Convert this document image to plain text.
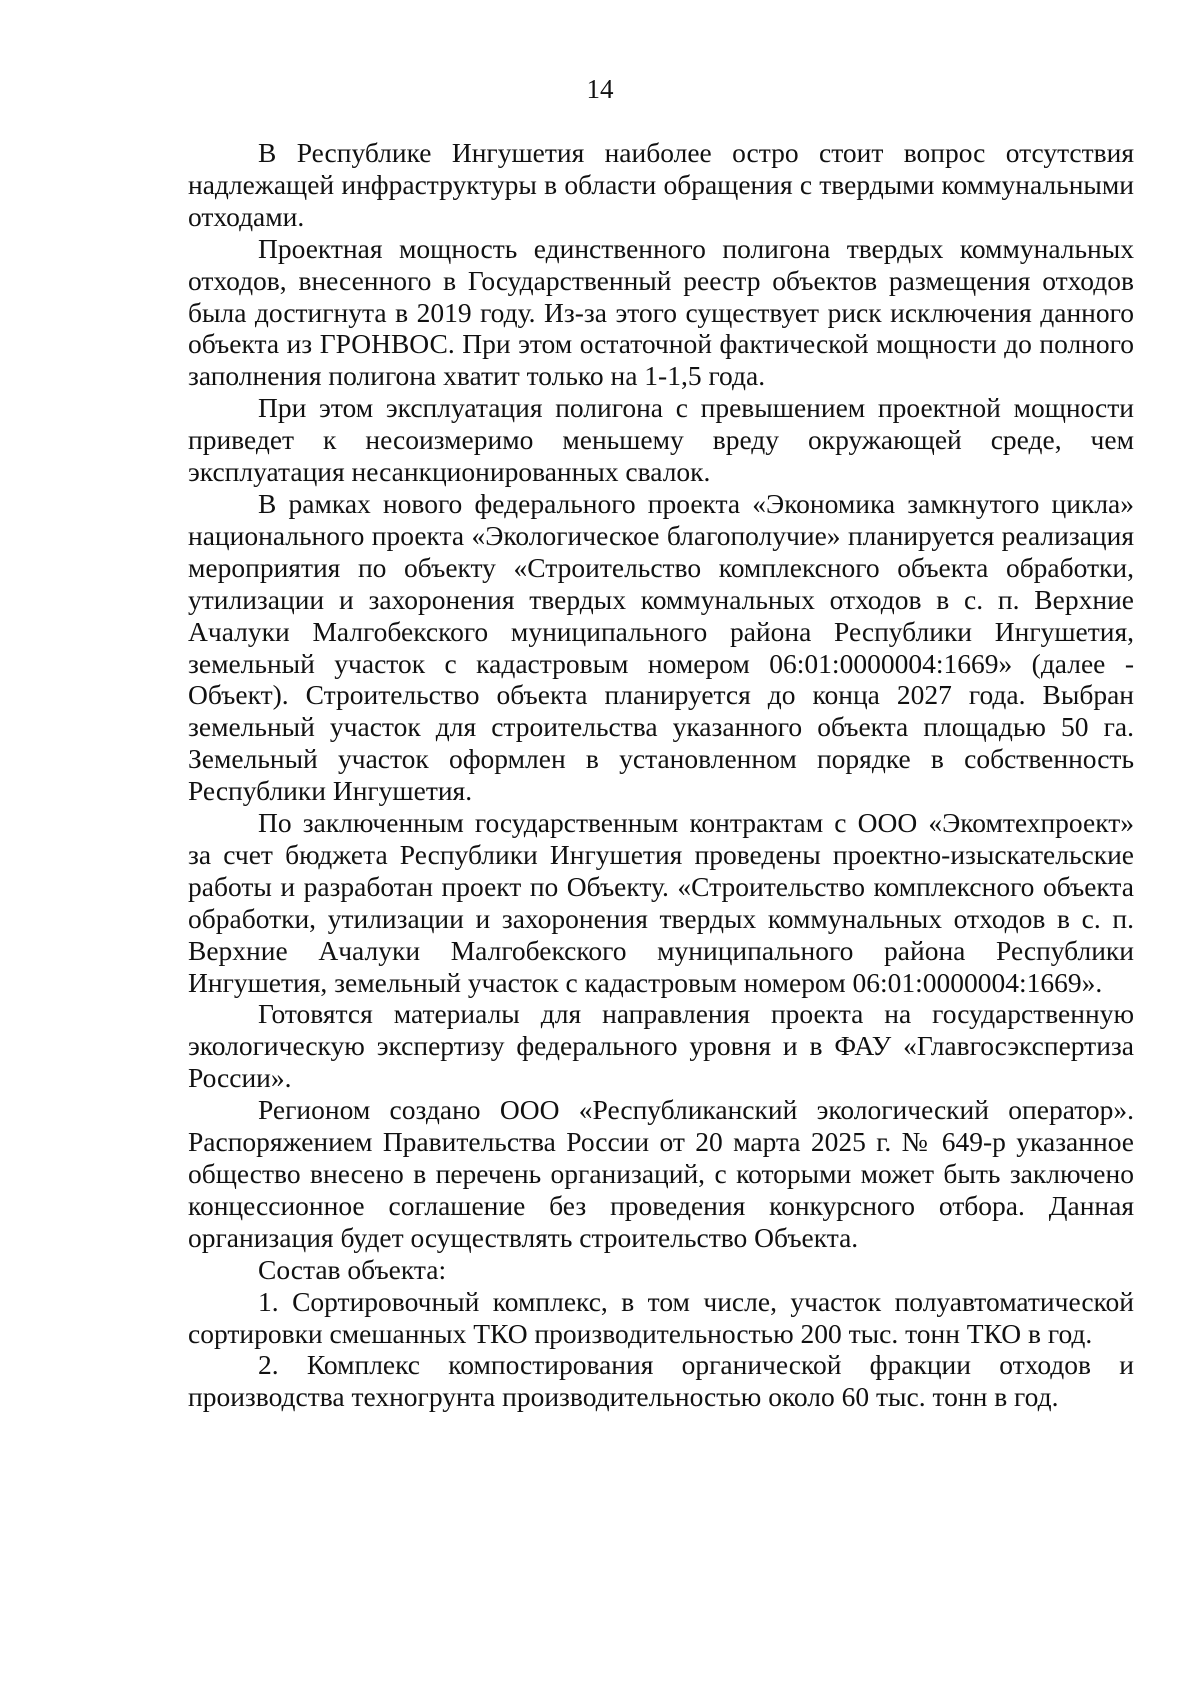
14

В Республике Ингушетия наиболее остро стоит вопрос отсутствия надлежащей инфраструктуры в области обращения с твердыми коммунальными отходами.

Проектная мощность единственного полигона твердых коммунальных отходов, внесенного в Государственный реестр объектов размещения отходов была достигнута в 2019 году. Из-за этого существует риск исключения данного объекта из ГРОНВОС. При этом остаточной фактической мощности до полного заполнения полигона хватит только на 1-1,5 года.

При этом эксплуатация полигона с превышением проектной мощности приведет к несоизмеримо меньшему вреду окружающей среде, чем эксплуатация несанкционированных свалок.

В рамках нового федерального проекта «Экономика замкнутого цикла» национального проекта «Экологическое благополучие» планируется реализация мероприятия по объекту «Строительство комплексного объекта обработки, утилизации и захоронения твердых коммунальных отходов в с. п. Верхние Ачалуки Малгобекского муниципального района Республики Ингушетия, земельный участок с кадастровым номером 06:01:0000004:1669» (далее - Объект). Строительство объекта планируется до конца 2027 года. Выбран земельный участок для строительства указанного объекта площадью 50 га. Земельный участок оформлен в установленном порядке в собственность Республики Ингушетия.

По заключенным государственным контрактам с ООО «Экомтехпроект» за счет бюджета Республики Ингушетия проведены проектно-изыскательские работы и разработан проект по Объекту. «Строительство комплексного объекта обработки, утилизации и захоронения твердых коммунальных отходов в с. п. Верхние Ачалуки Малгобекского муниципального района Республики Ингушетия, земельный участок с кадастровым номером 06:01:0000004:1669».

Готовятся материалы для направления проекта на государственную экологическую экспертизу федерального уровня и в ФАУ «Главгосэкспертиза России».

Регионом создано ООО «Республиканский экологический оператор». Распоряжением Правительства России от 20 марта 2025 г. № 649-р указанное общество внесено в перечень организаций, с которыми может быть заключено концессионное соглашение без проведения конкурсного отбора. Данная организация будет осуществлять строительство Объекта.

Состав объекта:

1. Сортировочный комплекс, в том числе, участок полуавтоматической сортировки смешанных ТКО производительностью 200 тыс. тонн ТКО в год.

2. Комплекс компостирования органической фракции отходов и производства техногрунта производительностью около 60 тыс. тонн в год.
